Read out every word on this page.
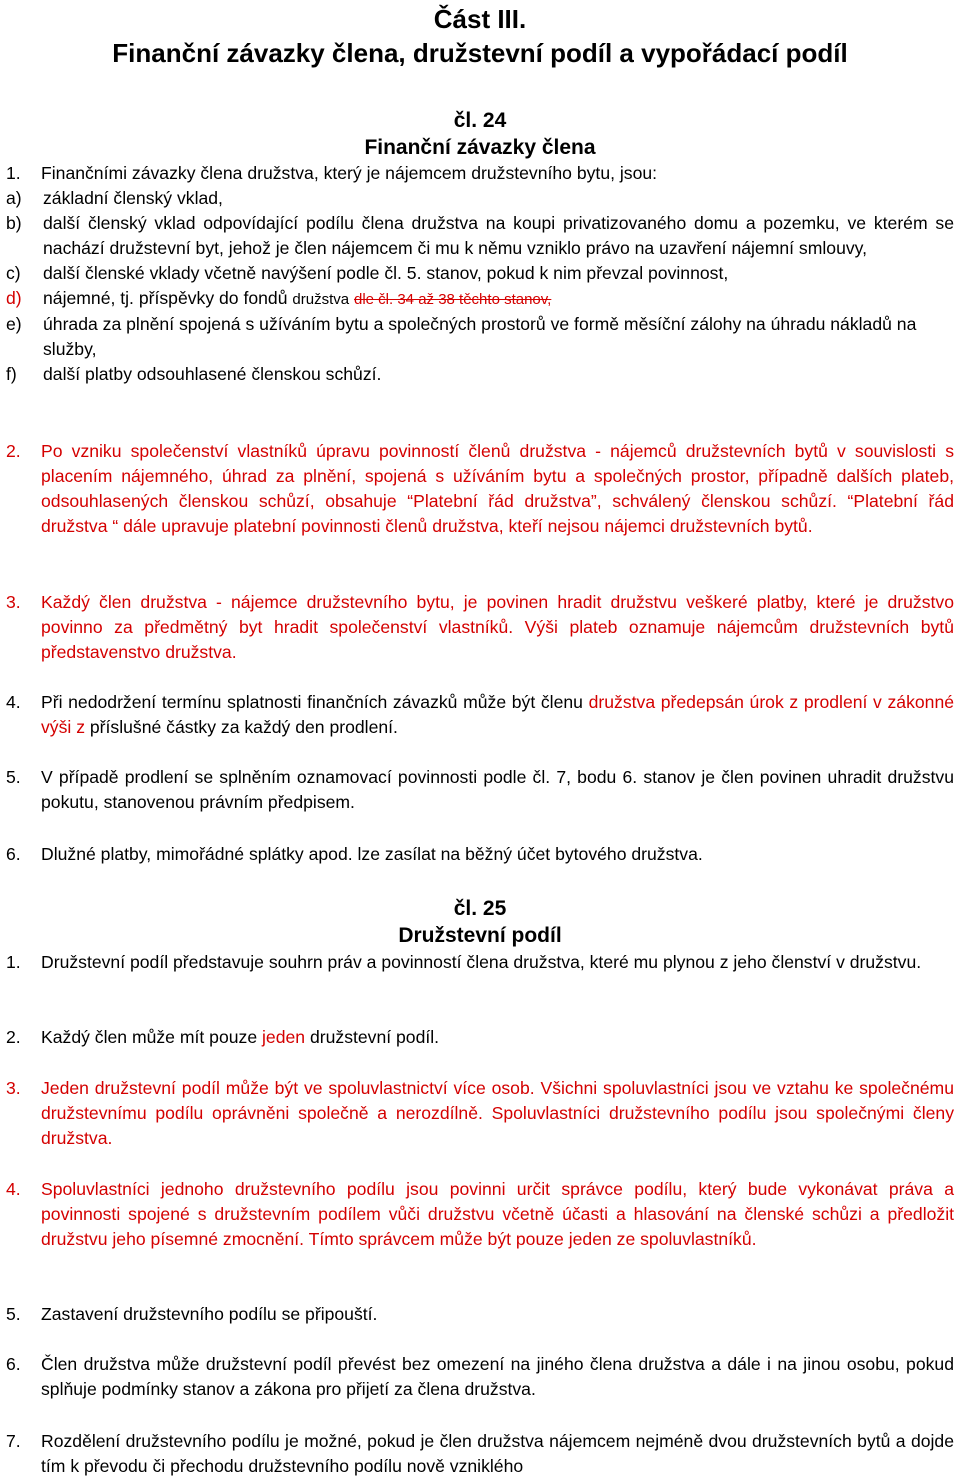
Část III.

Finanční závazky člena, družstevní podíl a vypořádací podíl

čl. 24

Finanční závazky člena

1.	Finančními závazky člena družstva, který je nájemcem družstevního bytu, jsou:
a)	základní členský vklad,
b)	další členský vklad odpovídající podílu člena družstva na koupi privatizovaného domu a pozemku, ve kterém se nachází družstevní byt, jehož je člen nájemcem či mu k němu vzniklo právo na uzavření nájemní smlouvy,
c)	další členské vklady včetně navýšení podle čl. 5. stanov, pokud k nim převzal povinnost,
d)	nájemné, tj. příspěvky do fondů družstva dle čl. 34 až 38 těchto stanov,
e)	úhrada za plnění spojená s užíváním bytu a společných prostorů ve formě měsíční zálohy na úhradu nákladů na služby,
f)	další platby odsouhlasené členskou schůzí.
2.	Po vzniku společenství vlastníků úpravu povinností členů družstva - nájemců družstevních bytů v souvislosti s placením nájemného, úhrad za plnění, spojená s užíváním bytu a společných prostor, případně dalších plateb, odsouhlasených členskou schůzí, obsahuje “Platební řád družstva”, schválený členskou schůzí. “Platební řád družstva “ dále upravuje platební povinnosti členů družstva, kteří nejsou nájemci družstevních bytů.
3.	Každý člen družstva - nájemce družstevního bytu, je povinen hradit družstvu veškeré platby, které je družstvo povinno za předmětný byt hradit společenství vlastníků. Výši plateb oznamuje nájemcům družstevních bytů představenstvo družstva.
4.	Při nedodržení termínu splatnosti finančních závazků může být členu družstva předepsán úrok z prodlení v zákonné výši z příslušné částky za každý den prodlení.
5.	V případě prodlení se splněním oznamovací povinnosti podle čl. 7, bodu 6. stanov je člen povinen uhradit družstvu pokutu, stanovenou právním předpisem.
6.	Dlužné platby, mimořádné splátky apod. lze zasílat na běžný účet bytového družstva.

čl. 25

Družstevní podíl

1.	Družstevní podíl představuje souhrn práv a povinností člena družstva, které mu plynou z jeho členství v družstvu.
2.	Každý člen může mít pouze jeden družstevní podíl.
3.	Jeden družstevní podíl může být ve spoluvlastnictví více osob. Všichni spoluvlastníci jsou ve vztahu ke společnému družstevnímu podílu oprávněni společně a nerozdílně. Spoluvlastníci družstevního podílu jsou společnými členy družstva.
4.	Spoluvlastníci jednoho družstevního podílu jsou povinni určit správce podílu, který bude vykonávat práva a povinnosti spojené s družstevním podílem vůči družstvu včetně účasti a hlasování na členské schůzi a předložit družstvu jeho písemné zmocnění. Tímto správcem může být pouze jeden ze spoluvlastníků.
5.	Zastavení družstevního podílu se připouští.
6.	Člen družstva může družstevní podíl převést bez omezení na jiného člena družstva a dále i na jinou osobu, pokud splňuje podmínky stanov a zákona pro přijetí za člena družstva.
7.	Rozdělení družstevního podílu je možné, pokud je člen družstva nájemcem nejméně dvou družstevních bytů a dojde tím k převodu či přechodu družstevního podílu nově vzniklého
